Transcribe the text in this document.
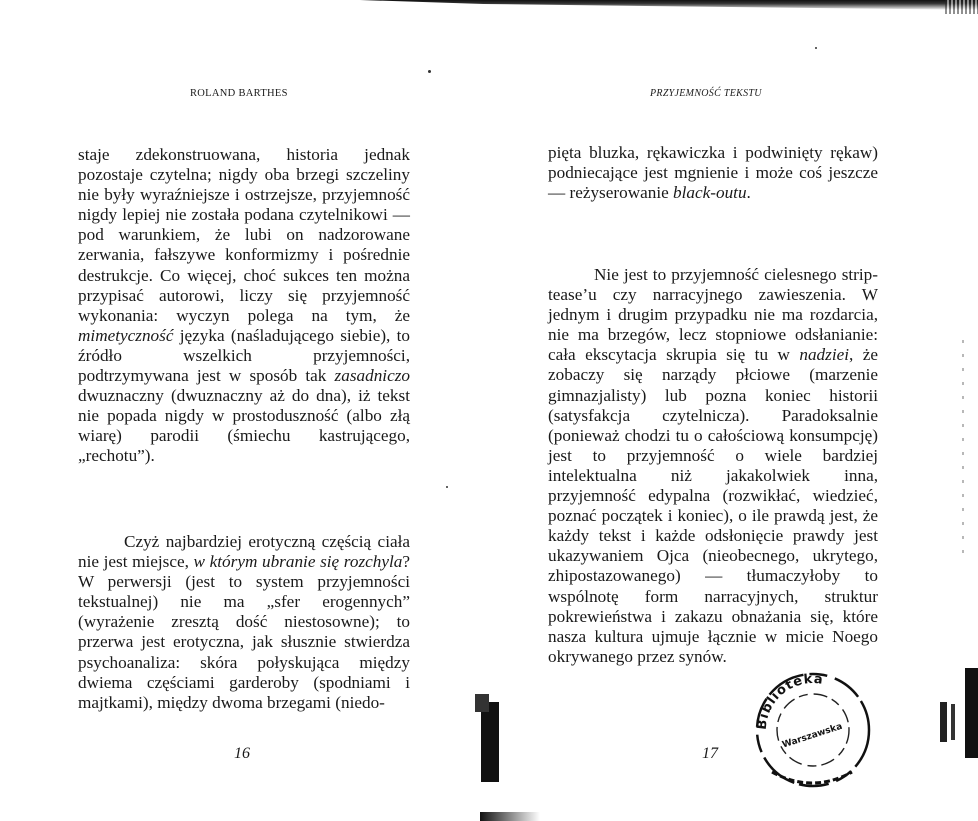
ROLAND BARTHES

staje zdekonstruowana, historia jednak pozostaje czytelna; nigdy oba brzegi szczeliny nie były wyraźniejsze i ostrzejsze, przyjemność nigdy lepiej nie została podana czytelnikowi — pod warunkiem, że lubi on nadzorowane zerwania, fałszywe konformizmy i pośrednie destrukcje. Co więcej, choć sukces ten można przypisać autorowi, liczy się przyjemność wykonania: wyczyn polega na tym, że mimetyczność języka (naśladującego siebie), to źródło wszelkich przyjemności, podtrzymywana jest w sposób tak zasadniczo dwuznaczny (dwuznaczny aż do dna), iż tekst nie popada nigdy w prostoduszność (albo złą wiarę) parodii (śmiechu kastrującego, „rechotu”).

Czyż najbardziej erotyczną częścią ciała nie jest miejsce, w którym ubranie się rozchyla? W perwersji (jest to system przyjemności tekstualnej) nie ma „sfer erogennych” (wyrażenie zresztą dość niestosowne); to przerwa jest erotyczna, jak słusznie stwierdza psychoanaliza: skóra połyskująca między dwiema częściami garderoby (spodniami i majtkami), między dwoma brzegami (niedo-

16
PRZYJEMNOŚĆ TEKSTU

pięta bluzka, rękawiczka i podwinięty rękaw) podniecające jest mgnienie i może coś jeszcze — reżyserowanie black-outu.

Nie jest to przyjemność cielesnego strip-tease’u czy narracyjnego zawieszenia. W jednym i drugim przypadku nie ma rozdarcia, nie ma brzegów, lecz stopniowe odsłanianie: cała ekscytacja skrupia się tu w nadziei, że zobaczy się narządy płciowe (marzenie gimnazjalisty) lub pozna koniec historii (satysfakcja czytelnicza). Paradoksalnie (ponieważ chodzi tu o całościową konsumpcję) jest to przyjemność o wiele bardziej intelektualna niż jakakolwiek inna, przyjemność edypalna (rozwikłać, wiedzieć, poznać początek i koniec), o ile prawdą jest, że każdy tekst i każde odsłonięcie prawdy jest ukazywaniem Ojca (nieobecnego, ukrytego, zhipostazowanego) — tłumaczyłoby to wspólnotę form narracyjnych, struktur pokrewieństwa i zakazu obnażania się, które nasza kultura ujmuje łącznie w micie Noego okrywanego przez synów.

17
Biblioteka
Warszawska
